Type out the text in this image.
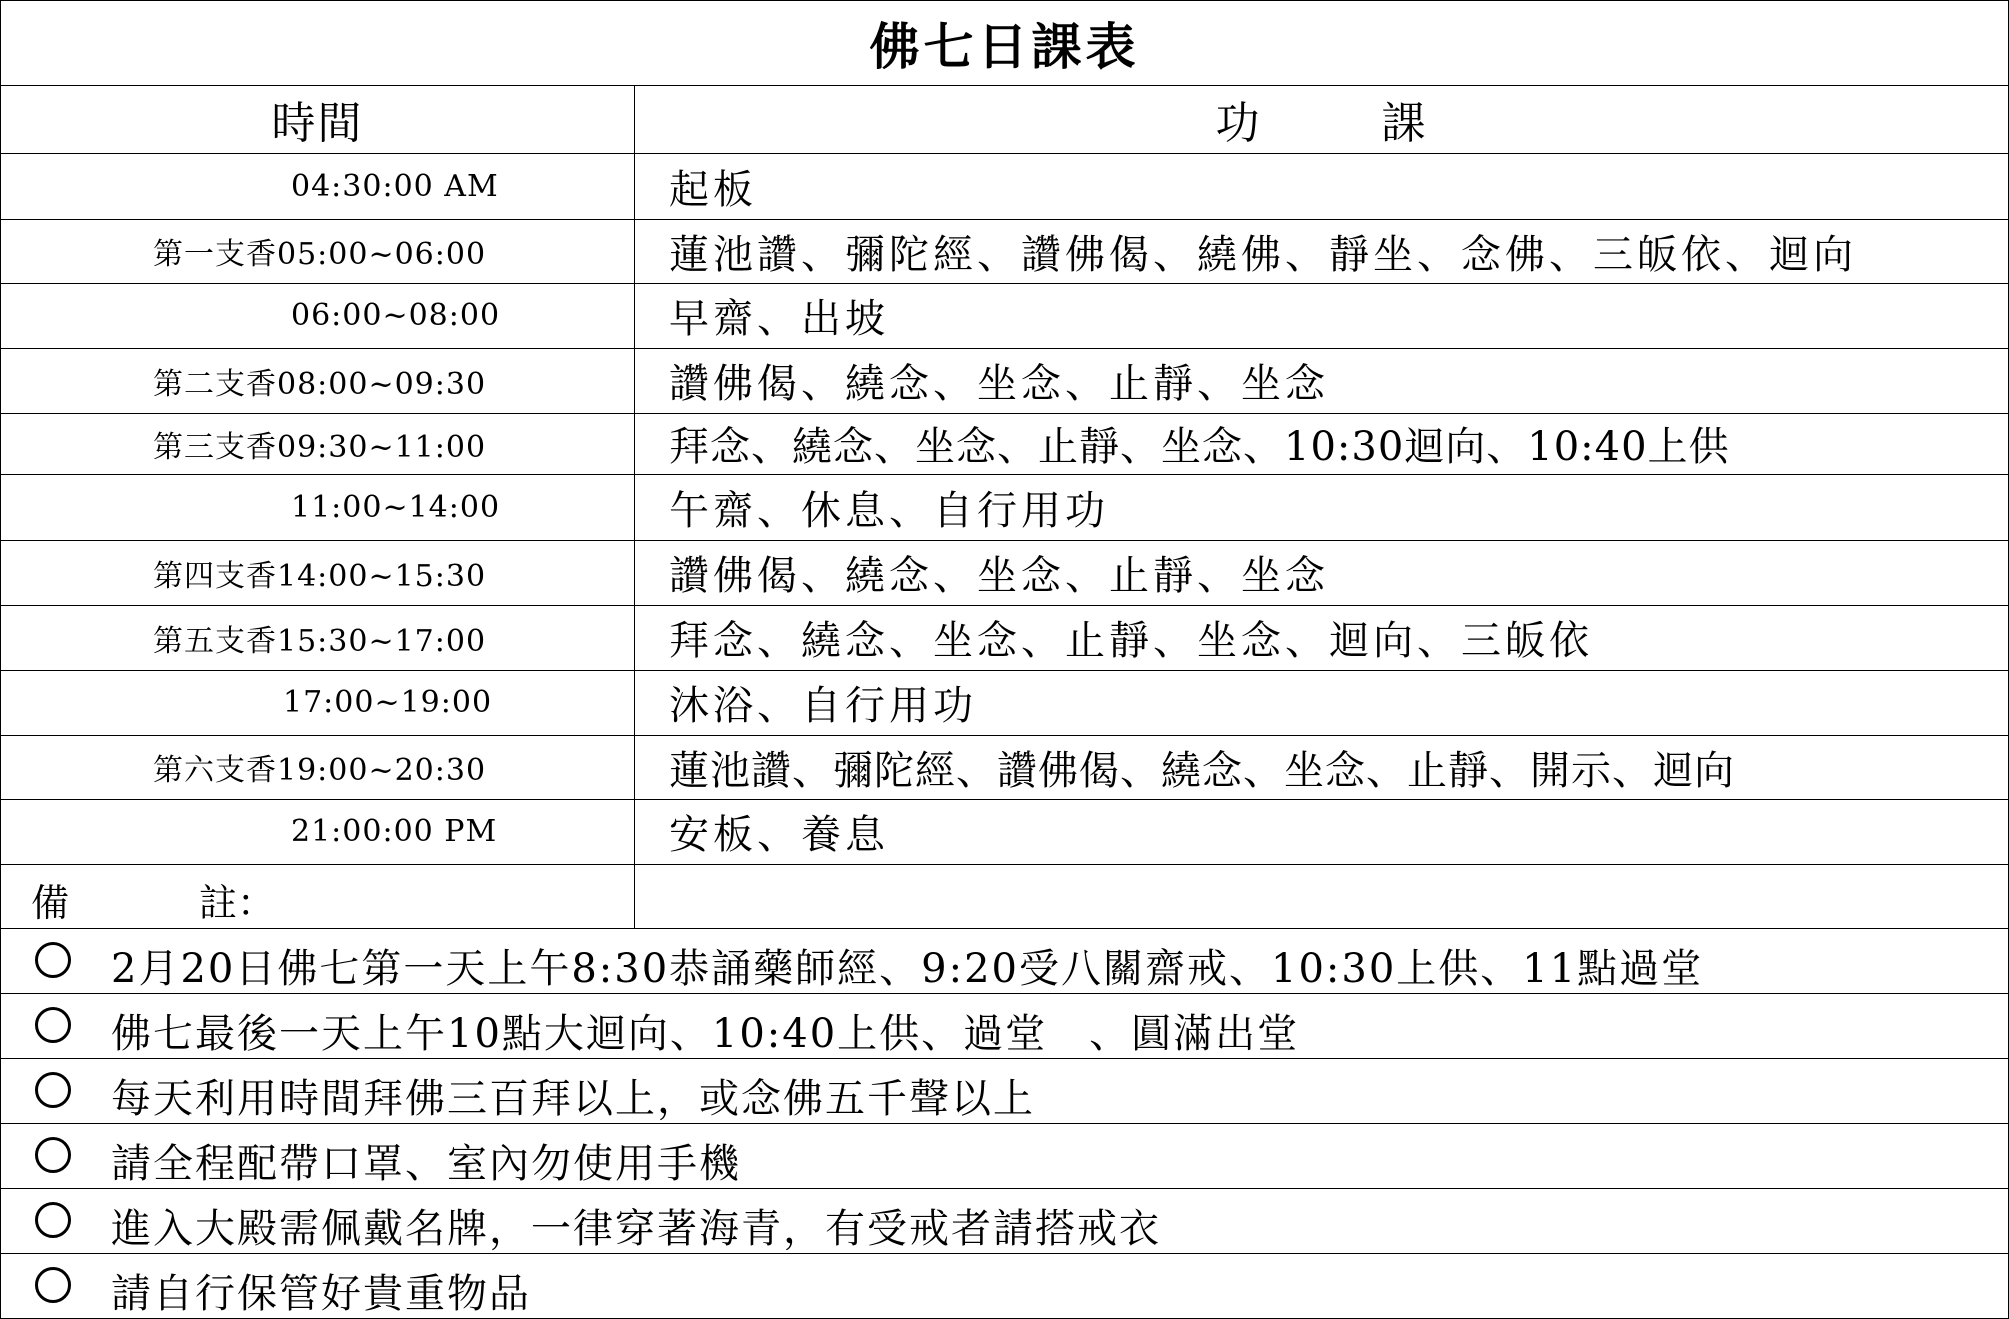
佛七日課表
時間	功	課
04:30:00 AM	起板
第一支香05:00~06:00	蓮池讚、彌陀經、讚佛偈、繞佛、靜坐、念佛、三皈依、迴向
06:00~08:00	早齋、出坡
第二支香08:00~09:30	讚佛偈、繞念、坐念、止靜、坐念
第三支香09:30~11:00	拜念、繞念、坐念、止靜、坐念、10:30迴向、10:40上供
11:00~14:00	午齋、休息、自行用功
第四支香14:00~15:30	讚佛偈、繞念、坐念、止靜、坐念
第五支香15:30~17:00	拜念、繞念、坐念、止靜、坐念、迴向、三皈依
17:00~19:00	沐浴、自行用功
第六支香19:00~20:30	蓮池讚、彌陀經、讚佛偈、繞念、坐念、止靜、開示、迴向
21:00:00 PM	安板、養息
備	註：
2月20日佛七第一天上午8:30恭誦藥師經、9:20受八關齋戒、10:30上供、11點過堂
佛七最後一天上午10點大迴向、10:40上供、過堂　、圓滿出堂
每天利用時間拜佛三百拜以上，或念佛五千聲以上
請全程配帶口罩、室內勿使用手機
進入大殿需佩戴名牌，一律穿著海青，有受戒者請搭戒衣
請自行保管好貴重物品
